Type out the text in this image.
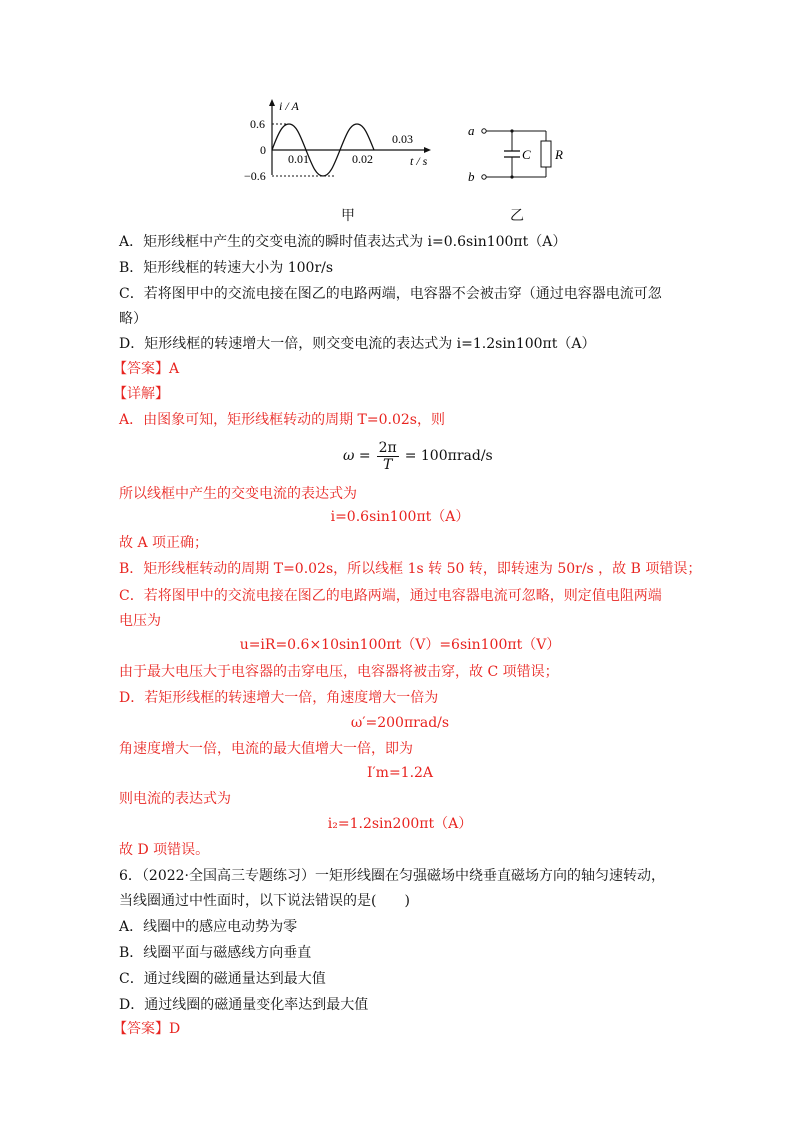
i / A
0.6
0
−0.6
0.01	0.02
0.03
t / s
甲
a
b
C R
乙
A．矩形线框中产生的交变电流的瞬时值表达式为 i=0.6sin100πt（A）
B．矩形线框的转速大小为 100r/s
C．若将图甲中的交流电接在图乙的电路两端，电容器不会被击穿（通过电容器电流可忽
略）
D．矩形线框的转速增大一倍，则交变电流的表达式为 i=1.2sin100πt（A）
【答案】A
【详解】
A．由图象可知，矩形线框转动的周期 T=0.02s，则
$\omega = \frac{2\pi}{T} = 100\pi rad/s$
所以线框中产生的交变电流的表达式为
i=0.6sin100πt（A）
故 A 项正确；
B．矩形线框转动的周期 T=0.02s，所以线框 1s 转 50 转，即转速为 50r/s ，故 B 项错误；
C．若将图甲中的交流电接在图乙的电路两端，通过电容器电流可忽略，则定值电阻两端
电压为
u=iR=0.6×10sin100πt（V）=6sin100πt（V）
由于最大电压大于电容器的击穿电压，电容器将被击穿，故 C 项错误；
D．若矩形线框的转速增大一倍，角速度增大一倍为
ω′=200πrad/s
角速度增大一倍，电流的最大值增大一倍，即为
I′m=1.2A
则电流的表达式为
i₂=1.2sin200πt（A）
故 D 项错误。
6．（2022·全国高三专题练习）一矩形线圈在匀强磁场中绕垂直磁场方向的轴匀速转动，
当线圈通过中性面时，以下说法错误的是(　　)
A．线圈中的感应电动势为零
B．线圈平面与磁感线方向垂直
C．通过线圈的磁通量达到最大值
D．通过线圈的磁通量变化率达到最大值
【答案】D
